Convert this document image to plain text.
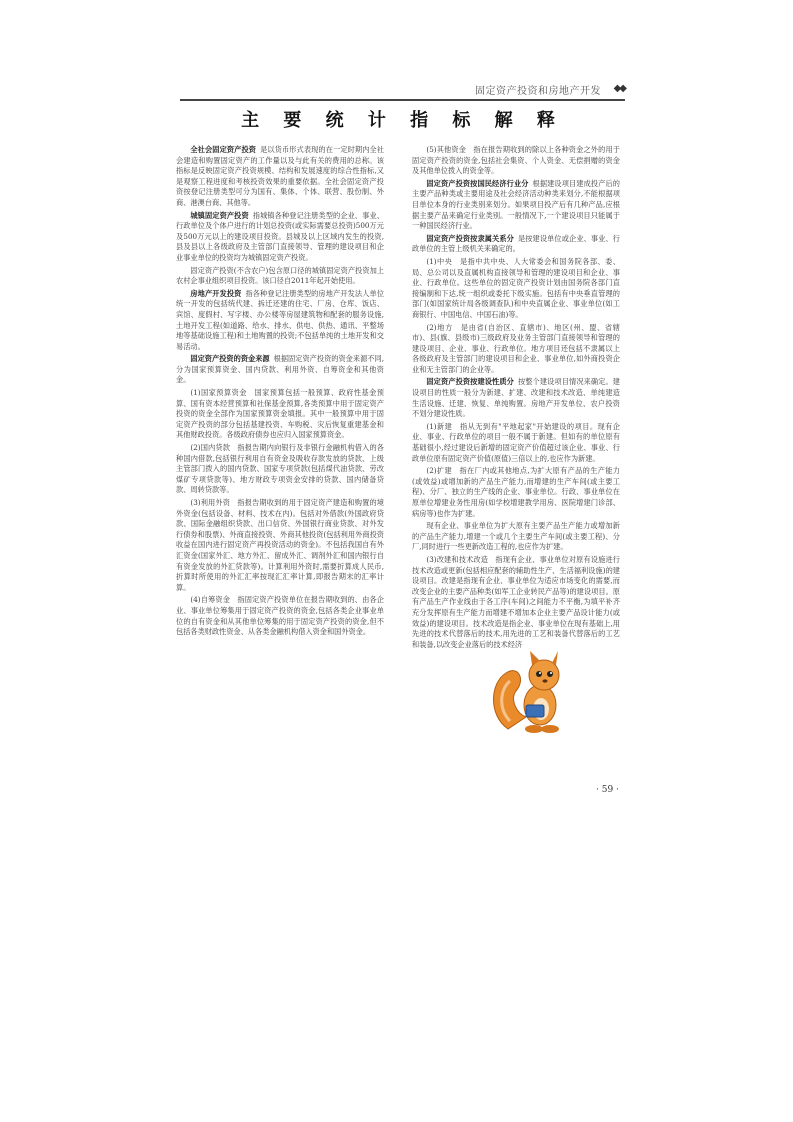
固定资产投资和房地产开发 ◆◆
主 要 统 计 指 标 解 释

全社会固定资产投资 是以货币形式表现的在一定时期内全社会建造和购置固定资产的工作量以及与此有关的费用的总称。该指标是反映固定资产投资规模、结构和发展速度的综合性指标,又是观察工程进度和考核投资效果的重要依据。全社会固定资产投资按登记注册类型可分为国有、集体、个体、联营、股份制、外商、港澳台商、其他等。

城镇固定资产投资 指城镇各种登记注册类型的企业、事业、行政单位及个体户进行的计划总投资(或实际需要总投资)500万元及500万元以上的建设项目投资。县城及以上区域内发生的投资,县及县以上各级政府及主管部门直接领导、管理的建设项目和企业事业单位的投资均为城镇固定资产投资。

固定资产投资(不含农户)包含原口径的城镇固定资产投资加上农村企事业组织项目投资。该口径自2011年起开始使用。

房地产开发投资 指各种登记注册类型的房地产开发法人单位统一开发的包括统代建、拆迁还建的住宅、厂房、仓库、饭店、宾馆、度假村、写字楼、办公楼等房屋建筑物和配套的服务设施,土地开发工程(如道路、给水、排水、供电、供热、通讯、平整场地等基础设施工程)和土地购置的投资;不包括单纯的土地开发和交易活动。

固定资产投资的资金来源 根据固定资产投资的资金来源不同,分为国家预算资金、国内贷款、利用外资、自筹资金和其他资金。

(1)国家预算资金　国家预算包括一般预算、政府性基金预算、国有资本经营预算和社保基金预算,各类预算中用于固定资产投资的资金全部作为国家预算资金填报。其中一般预算中用于固定资产投资的部分包括基建投资、车购税、灾后恢复重建基金和其他财政投资。各级政府债券也应归入国家预算资金。

(2)国内贷款　指报告期内向银行及非银行金融机构借入的各种国内借款,包括银行利用自有资金及吸收存款发放的贷款、上级主管部门拨入的国内贷款、国家专项贷款(包括煤代油贷款、劳改煤矿专项贷款等)、地方财政专项资金安排的贷款、国内储备贷款、周转贷款等。

(3)利用外资　指报告期收到的用于固定资产建造和购置的境外资金(包括设备、材料、技术在内)。包括对外借款(外国政府贷款、国际金融组织贷款、出口信贷、外国银行商业贷款、对外发行债券和股票)、外商直接投资、外商其他投资(包括利用外商投资收益在国内进行固定资产再投资活动的资金)。不包括我国自有外汇资金(国家外汇、地方外汇、留成外汇、调剂外汇和国内银行自有资金发放的外汇贷款等)。计算利用外资时,需要折算成人民币,折算时所使用的外汇汇率按现汇汇率计算,即报告期末的汇率计算。

(4)自筹资金　指固定资产投资单位在报告期收到的、由各企业、事业单位筹集用于固定资产投资的资金,包括各类企业事业单位的自有资金和从其他单位筹集的用于固定资产投资的资金,但不包括各类财政性资金、从各类金融机构借入资金和国外资金。

(5)其他资金　指在报告期收到的除以上各种资金之外的用于固定资产投资的资金,包括社会集资、个人资金、无偿捐赠的资金及其他单位拨入的资金等。

固定资产投资按国民经济行业分 根据建设项目建成投产后的主要产品种类或主要用途及社会经济活动种类来划分,不能根据项目单位本身的行业类别来划分。如果项目投产后有几种产品,应根据主要产品来确定行业类别。一般情况下,一个建设项目只能属于一种国民经济行业。

固定资产投资按隶属关系分 是按建设单位或企业、事业、行政单位的主管上级机关来确定的。

(1)中央　是指中共中央、人大常委会和国务院各部、委、局、总公司以及直属机构直接领导和管理的建设项目和企业、事业、行政单位。这些单位的固定资产投资计划由国务院各部门直接编制和下达,统一组织或委托下级实施。包括有中央垂直管理的部门(如国家统计局各级调查队)和中央直属企业、事业单位(如工商银行、中国电信、中国石油)等。

(2)地方　是由省(自治区、直辖市)、地区(州、盟、省辖市)、县(旗、县级市)三级政府及业务主管部门直接领导和管理的建设项目、企业、事业、行政单位。地方项目还包括不隶属以上各级政府及主管部门的建设项目和企业、事业单位,如外商投资企业和无主管部门的企业等。

固定资产投资按建设性质分 按整个建设项目情况来确定。建设项目的性质一般分为新建、扩建、改建和技术改造、单纯建造生活设施、迁建、恢复、单纯购置。房地产开发单位、农户投资不划分建设性质。

(1)新建　指从无到有"平地起家"开始建设的项目。现有企业、事业、行政单位的项目一般不属于新建。但如有的单位原有基础很小,经过建设后新增的固定资产价值超过该企业、事业、行政单位原有固定资产价值(原值)三倍以上的,也应作为新建。

(2)扩建　指在厂内或其他地点,为扩大原有产品的生产能力(或效益)或增加新的产品生产能力,而增建的生产车间(或主要工程)、分厂、独立的生产线的企业、事业单位。行政、事业单位在原单位增建业务性用房(如学校增建教学用房、医院增建门诊部、病房等)也作为扩建。

现有企业、事业单位为扩大原有主要产品生产能力或增加新的产品生产能力,增建一个或几个主要生产车间(或主要工程)、分厂,同时进行一些更新改造工程的,也应作为扩建。

(3)改建和技术改造　指现有企业、事业单位对原有设施进行技术改造或更新(包括相应配套的辅助性生产、生活福利设施)的建设项目。改建是指现有企业、事业单位为适应市场变化的需要,而改变企业的主要产品种类(如军工企业转民产品等)的建设项目。原有产品生产作业线由于各工序(车间)之间能力不平衡,为填平补齐充分发挥原有生产能力而增建不增加本企业主要产品设计能力(或效益)的建设项目。技术改造是指企业、事业单位在现有基础上,用先进的技术代替落后的技术,用先进的工艺和装备代替落后的工艺和装备,以改变企业落后的技术经济

· 59 ·
